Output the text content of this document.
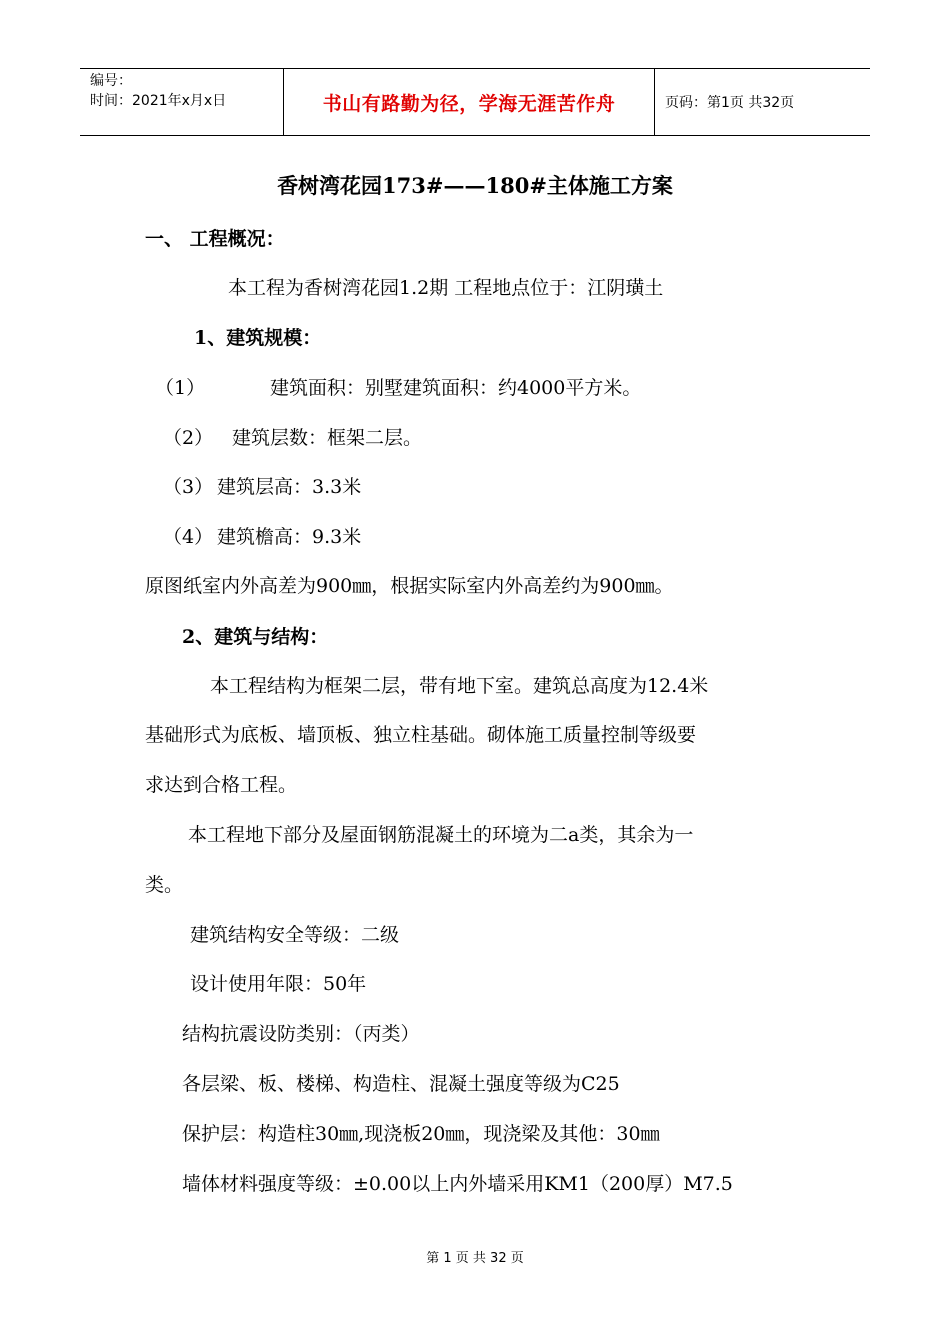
编号：
时间：2021年x月x日	书山有路勤为径，学海无涯苦作舟	页码：第1页 共32页
香树湾花园173#——180#主体施工方案
一、 工程概况：
本工程为香树湾花园1.2期 工程地点位于：江阴璜土
1、建筑规模：
（1）	建筑面积：别墅建筑面积：约4000平方米。
（2） 建筑层数：框架二层。
（3） 建筑层高：3.3米
（4） 建筑檐高：9.3米
原图纸室内外高差为900㎜，根据实际室内外高差约为900㎜。
2、建筑与结构：
本工程结构为框架二层，带有地下室。建筑总高度为12.4米
基础形式为底板、墙顶板、独立柱基础。砌体施工质量控制等级要
求达到合格工程。
本工程地下部分及屋面钢筋混凝土的环境为二a类，其余为一
类。
建筑结构安全等级：二级
设计使用年限：50年
结构抗震设防类别：（丙类）
各层梁、板、楼梯、构造柱、混凝土强度等级为C25
保护层：构造柱30㎜,现浇板20㎜，现浇梁及其他：30㎜
墙体材料强度等级：±0.00以上内外墙采用KM1（200厚）M7.5
第 1 页 共 32 页
